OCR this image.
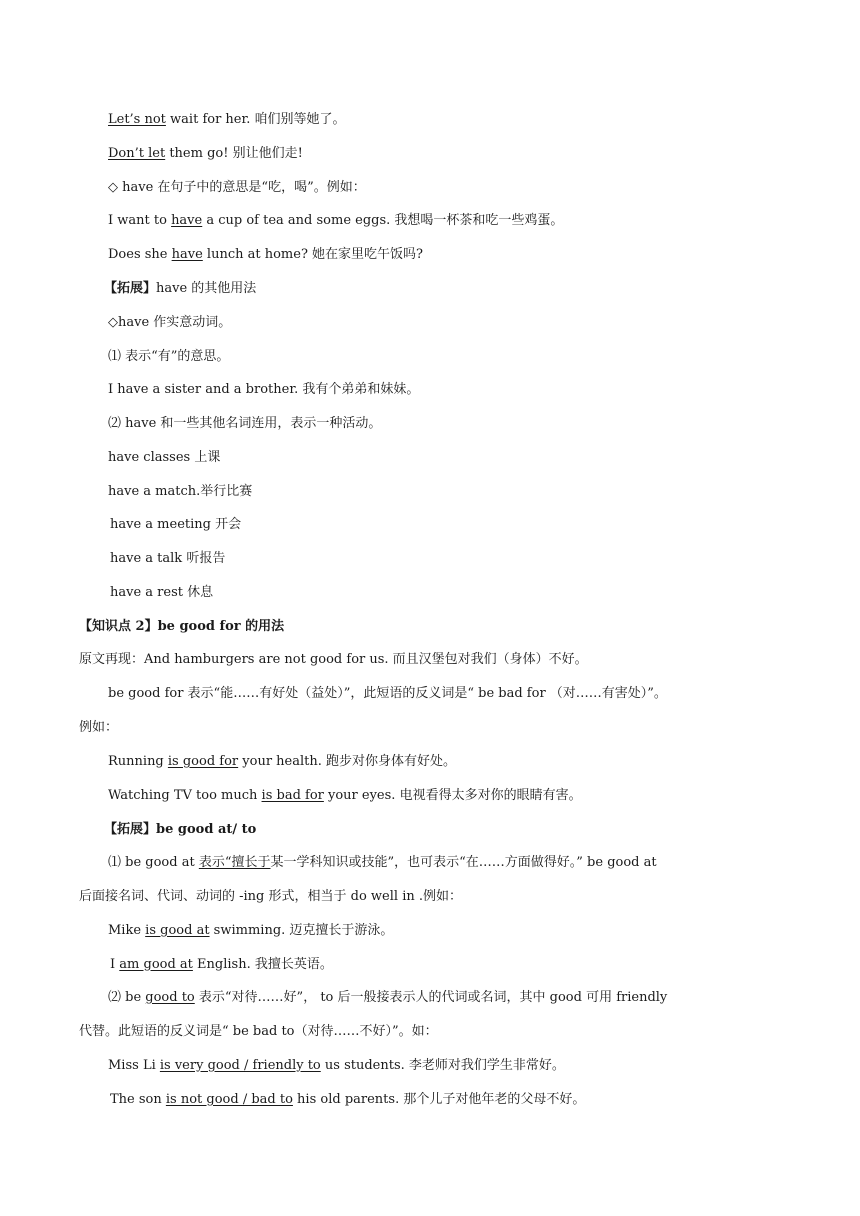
Let’s not wait for her. 咱们别等她了。
Don’t let them go! 别让他们走!
◇ have 在句子中的意思是“吃，喝”。例如：
I want to have a cup of tea and some eggs. 我想喝一杯茶和吃一些鸡蛋。
Does she have lunch at home? 她在家里吃午饭吗?
【拓展】have 的其他用法
◇have 作实意动词。
⑴ 表示“有”的意思。
I have a sister and a brother. 我有个弟弟和妹妹。
⑵ have 和一些其他名词连用，表示一种活动。
have classes 上课
have a match.举行比赛
have a meeting 开会
have a talk 听报告
have a rest 休息
【知识点 2】be good for 的用法
原文再现：And hamburgers are not good for us. 而且汉堡包对我们（身体）不好。
be good for 表示“能……有好处（益处）”，此短语的反义词是“ be bad for （对……有害处）”。
例如：
Running is good for your health. 跑步对你身体有好处。
Watching TV too much is bad for your eyes. 电视看得太多对你的眼睛有害。
【拓展】be good at/ to
⑴ be good at 表示“擅长于某一学科知识或技能”，也可表示“在……方面做得好。” be good at
后面接名词、代词、动词的 -ing 形式，相当于 do well in .例如：
Mike is good at swimming. 迈克擅长于游泳。
I am good at English. 我擅长英语。
⑵ be good to 表示“对待……好”， to 后一般接表示人的代词或名词，其中 good 可用 friendly
代替。此短语的反义词是“ be bad to（对待……不好）”。如：
Miss Li is very good / friendly to us students. 李老师对我们学生非常好。
The son is not good / bad to his old parents. 那个儿子对他年老的父母不好。
